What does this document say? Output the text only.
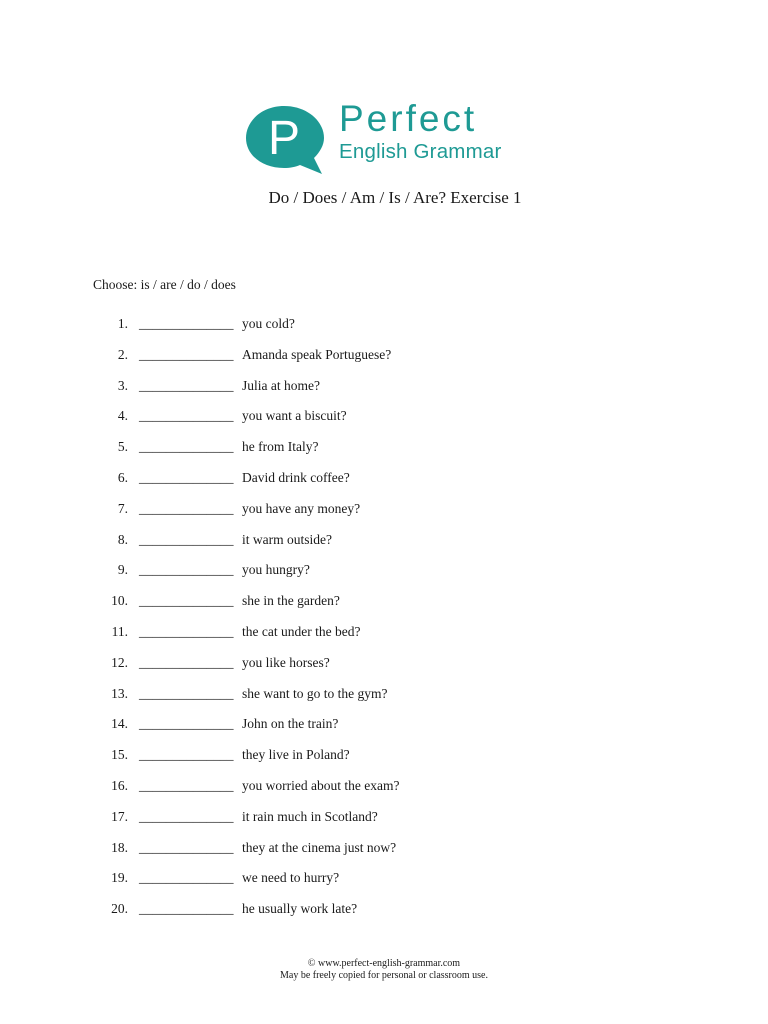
P Perfect
English Grammar
Do / Does / Am / Is / Are? Exercise 1
Choose: is / are / do / does
1. ______________ you cold?
2. ______________ Amanda speak Portuguese?
3. ______________ Julia at home?
4. ______________ you want a biscuit?
5. ______________ he from Italy?
6. ______________ David drink coffee?
7. ______________ you have any money?
8. ______________ it warm outside?
9. ______________ you hungry?
10. ______________ she in the garden?
11. ______________ the cat under the bed?
12. ______________ you like horses?
13. ______________ she want to go to the gym?
14. ______________ John on the train?
15. ______________ they live in Poland?
16. ______________ you worried about the exam?
17. ______________ it rain much in Scotland?
18. ______________ they at the cinema just now?
19. ______________ we need to hurry?
20. ______________ he usually work late?
© www.perfect-english-grammar.com
May be freely copied for personal or classroom use.
